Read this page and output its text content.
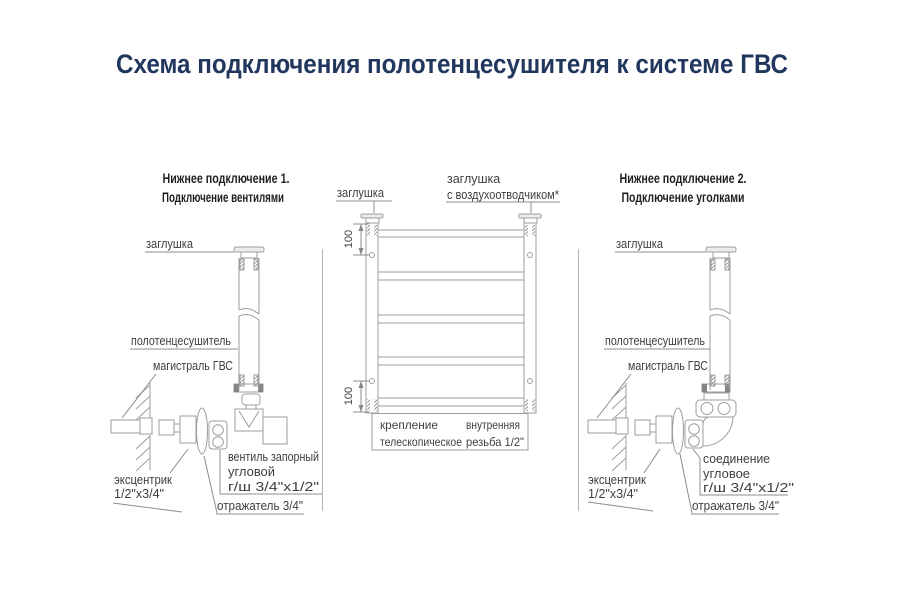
Схема подключения полотенцесушителя к системе ГВС
Нижнее подключение 1.
Подключение вентилями
заглушка
полотенцесушитель
магистраль ГВС
эксцентрик
1/2"х3/4"
вентиль запорный
угловой
г/ш 3/4"х1/2"
отражатель 3/4"
заглушка
заглушка
с воздухоотводчиком*
100
100
крепление
телескопическое
внутренняя
резьба 1/2"
Нижнее подключение 2.
Подключение уголками
заглушка
полотенцесушитель
магистраль ГВС
эксцентрик
1/2"х3/4"
соединение
угловое
г/ш 3/4"х1/2"
отражатель 3/4"
